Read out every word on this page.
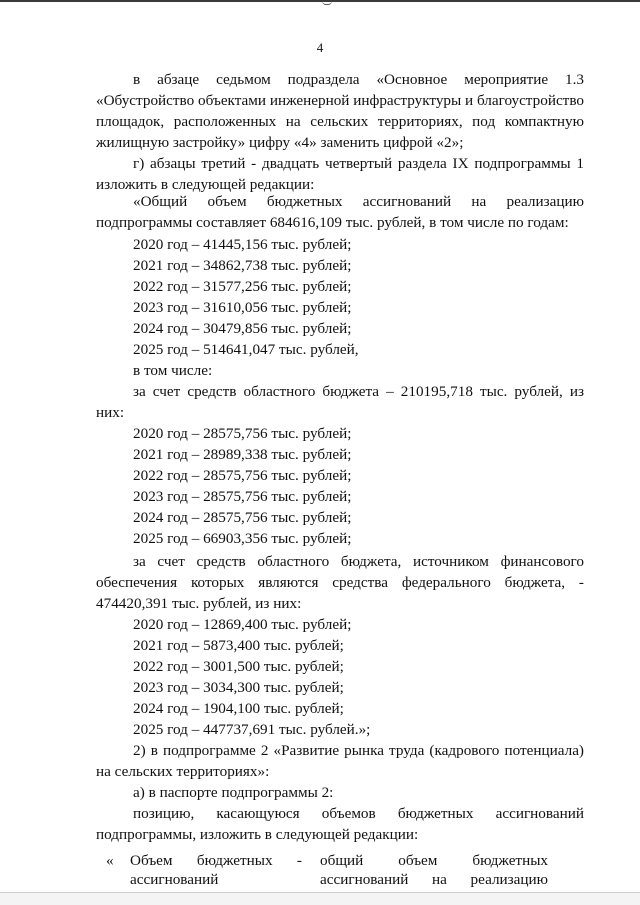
4
в абзаце седьмом подраздела «Основное мероприятие 1.3
«Обустройство объектами инженерной инфраструктуры и благоустройство
площадок, расположенных на сельских территориях, под компактную
жилищную застройку» цифру «4» заменить цифрой «2»;
г) абзацы третий - двадцать четвертый раздела IX подпрограммы 1
изложить в следующей редакции:
«Общий объем бюджетных ассигнований на реализацию
подпрограммы составляет 684616,109 тыс. рублей, в том числе по годам:
2020 год – 41445,156 тыс. рублей;
2021 год – 34862,738 тыс. рублей;
2022 год – 31577,256 тыс. рублей;
2023 год – 31610,056 тыс. рублей;
2024 год – 30479,856 тыс. рублей;
2025 год – 514641,047 тыс. рублей,
в том числе:
за счет средств областного бюджета – 210195,718 тыс. рублей, из
них:
2020 год – 28575,756 тыс. рублей;
2021 год – 28989,338 тыс. рублей;
2022 год – 28575,756 тыс. рублей;
2023 год – 28575,756 тыс. рублей;
2024 год – 28575,756 тыс. рублей;
2025 год – 66903,356 тыс. рублей;
за счет средств областного бюджета, источником финансового
обеспечения которых являются средства федерального бюджета, -
474420,391 тыс. рублей, из них:
2020 год – 12869,400 тыс. рублей;
2021 год – 5873,400 тыс. рублей;
2022 год – 3001,500 тыс. рублей;
2023 год – 3034,300 тыс. рублей;
2024 год – 1904,100 тыс. рублей;
2025 год – 447737,691 тыс. рублей.»;
2) в подпрограмме 2 «Развитие рынка труда (кадрового потенциала)
на сельских территориях»:
а) в паспорте подпрограммы 2:
позицию, касающуюся объемов бюджетных ассигнований
подпрограммы, изложить в следующей редакции:
« Объем бюджетных -
ассигнований
общий объем бюджетных
ассигнований на реализацию
